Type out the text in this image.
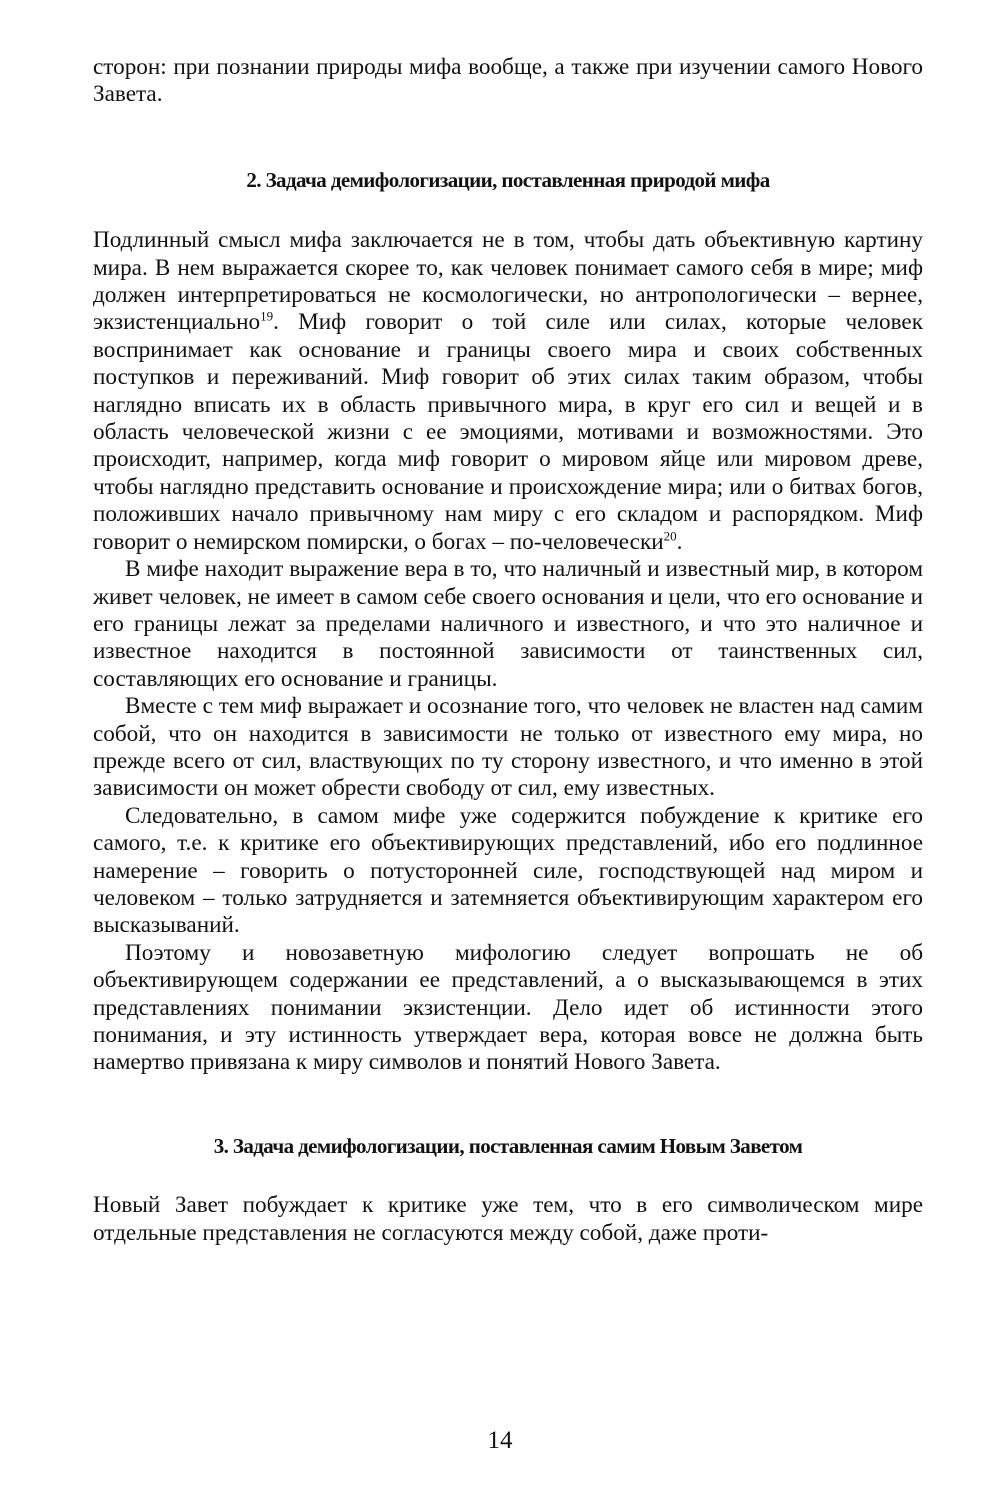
сторон: при познании природы мифа вообще, а также при изучении самого Нового Завета.

2. Задача демифологизации, поставленная природой мифа

Подлинный смысл мифа заключается не в том, чтобы дать объективную картину мира. В нем выражается скорее то, как человек понимает самого себя в мире; миф должен интерпретироваться не космологически, но антропологически – вернее, экзистенциально$^{19}$. Миф говорит о той силе или силах, которые человек воспринимает как основание и границы своего мира и своих собственных поступков и переживаний. Миф говорит об этих силах таким образом, чтобы наглядно вписать их в область привычного мира, в круг его сил и вещей и в область человеческой жизни с ее эмоциями, мотивами и возможностями. Это происходит, например, когда миф говорит о мировом яйце или мировом древе, чтобы наглядно представить основание и происхождение мира; или о битвах богов, положивших начало привычному нам миру с его складом и распорядком. Миф говорит о немирском помирски, о богах – по-человечески$^{20}$.

В мифе находит выражение вера в то, что наличный и известный мир, в котором живет человек, не имеет в самом себе своего основания и цели, что его основание и его границы лежат за пределами наличного и известного, и что это наличное и известное находится в постоянной зависимости от таинственных сил, составляющих его основание и границы.

Вместе с тем миф выражает и осознание того, что человек не властен над самим собой, что он находится в зависимости не только от известного ему мира, но прежде всего от сил, властвующих по ту сторону известного, и что именно в этой зависимости он может обрести свободу от сил, ему известных.

Следовательно, в самом мифе уже содержится побуждение к критике его самого, т.е. к критике его объективирующих представлений, ибо его подлинное намерение – говорить о потусторонней силе, господствующей над миром и человеком – только затрудняется и затемняется объективирующим характером его высказываний.

Поэтому и новозаветную мифологию следует вопрошать не об объективирующем содержании ее представлений, а о высказывающемся в этих представлениях понимании экзистенции. Дело идет об истинности этого понимания, и эту истинность утверждает вера, которая вовсе не должна быть намертво привязана к миру символов и понятий Нового Завета.

3. Задача демифологизации, поставленная самим Новым Заветом

Новый Завет побуждает к критике уже тем, что в его символическом мире отдельные представления не согласуются между собой, даже проти-

14
